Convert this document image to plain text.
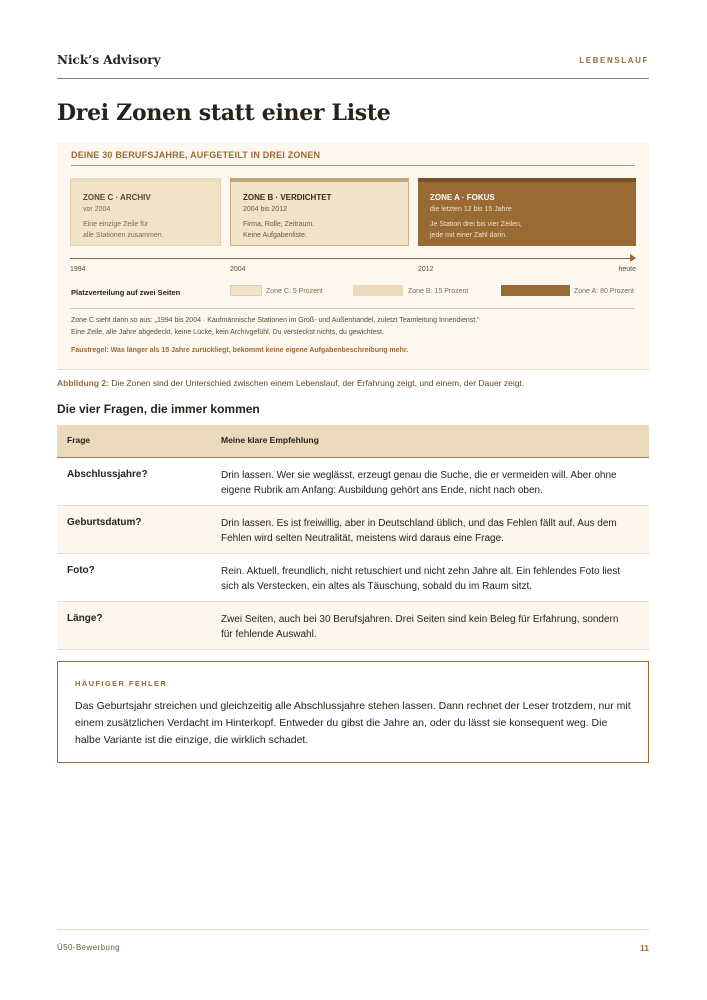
Nick’s Advisory	LEBENSLAUF
Drei Zonen statt einer Liste
DEINE 30 BERUFSJAHRE, AUFGETEILT IN DREI ZONEN
ZONE C · ARCHIV
vor 2004
Eine einzige Zeile für
alle Stationen zusammen.
ZONE B · VERDICHTET
2004 bis 2012
Firma, Rolle, Zeitraum.
Keine Aufgabenliste.
ZONE A · FOKUS
die letzten 12 bis 15 Jahre
Je Station drei bis vier Zeilen,
jede mit einer Zahl darin.
1994	2004	2012	heute
Platzverteilung auf zwei Seiten	Zone C: 5 Prozent	Zone B: 15 Prozent	Zone A: 80 Prozent
Zone C sieht dann so aus: „1994 bis 2004 · Kaufmännische Stationen im Groß- und Außenhandel, zuletzt Teamleitung Innendienst.“
Eine Zeile, alle Jahre abgedeckt, keine Lücke, kein Archivgefühl. Du versteckst nichts, du gewichtest.
Faustregel: Was länger als 15 Jahre zurückliegt, bekommt keine eigene Aufgabenbeschreibung mehr.
Abbildung 2: Die Zonen sind der Unterschied zwischen einem Lebenslauf, der Erfahrung zeigt, und einem, der Dauer zeigt.
Die vier Fragen, die immer kommen
Frage	Meine klare Empfehlung
Abschlussjahre?	Drin lassen. Wer sie weglässt, erzeugt genau die Suche, die er vermeiden will. Aber ohne eigene Rubrik am Anfang: Ausbildung gehört ans Ende, nicht nach oben.
Geburtsdatum?	Drin lassen. Es ist freiwillig, aber in Deutschland üblich, und das Fehlen fällt auf. Aus dem Fehlen wird selten Neutralität, meistens wird daraus eine Frage.
Foto?	Rein. Aktuell, freundlich, nicht retuschiert und nicht zehn Jahre alt. Ein fehlendes Foto liest sich als Verstecken, ein altes als Täuschung, sobald du im Raum sitzt.
Länge?	Zwei Seiten, auch bei 30 Berufsjahren. Drei Seiten sind kein Beleg für Erfahrung, sondern für fehlende Auswahl.
HÄUFIGER FEHLER
Das Geburtsjahr streichen und gleichzeitig alle Abschlussjahre stehen lassen. Dann rechnet der Leser trotzdem, nur mit einem zusätzlichen Verdacht im Hinterkopf. Entweder du gibst die Jahre an, oder du lässt sie konsequent weg. Die halbe Variante ist die einzige, die wirklich schadet.
Ü50-Bewerbung	11
